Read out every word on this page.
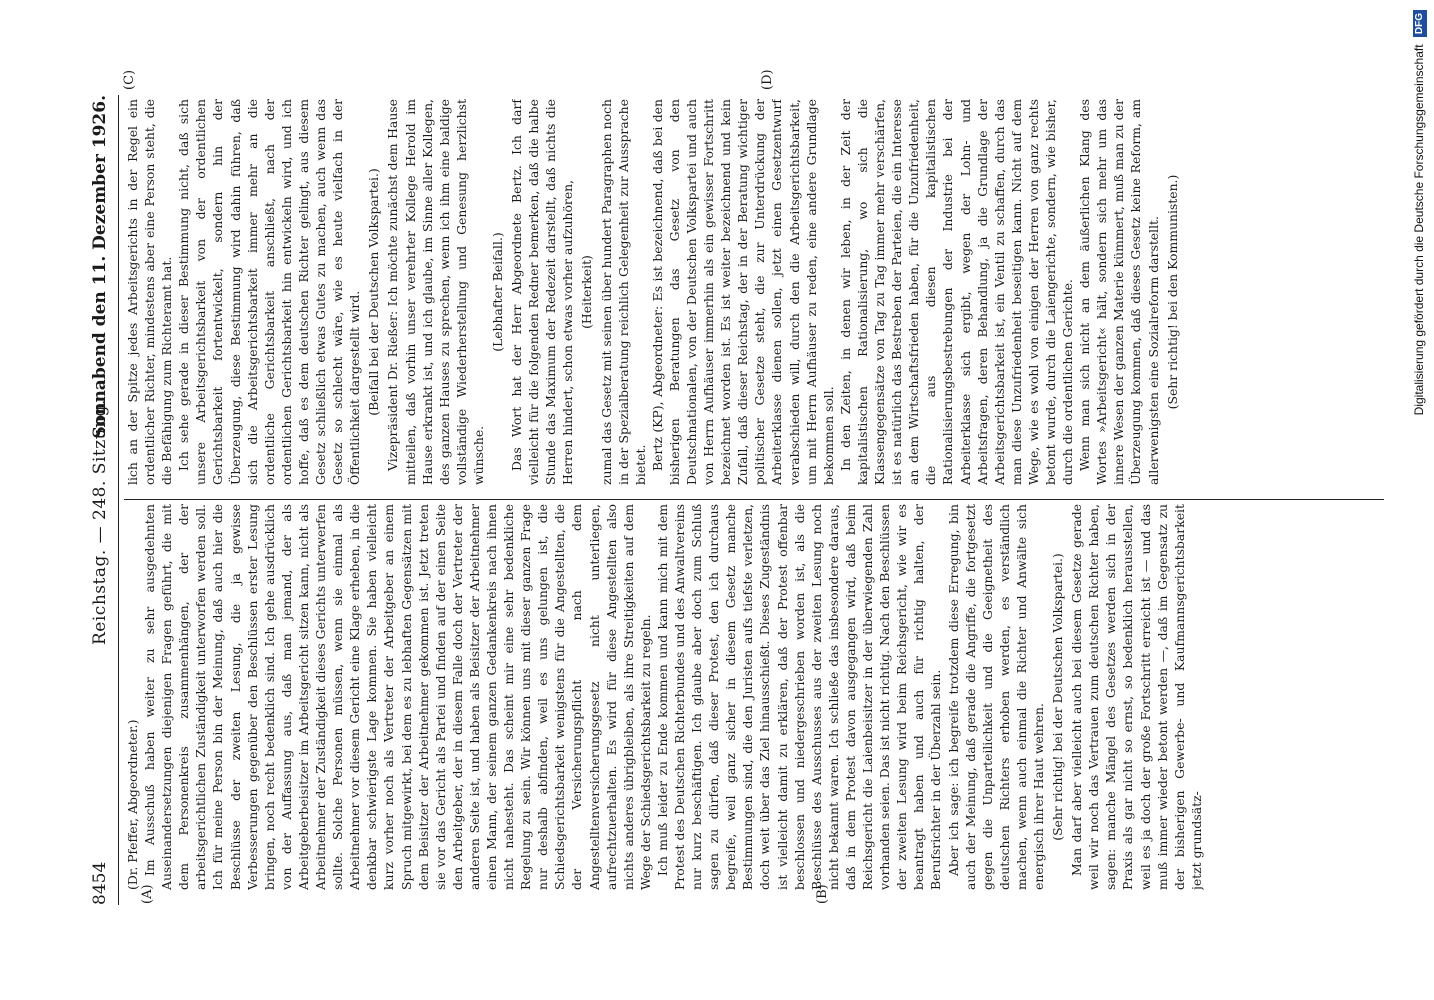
8454
Reichstag. — 248. Sitzung.
Sonnabend den 11. Dezember 1926.
(A)	(B)
(C)	(D)

(Dr. Pfeffer, Abgeordneter.) Im Ausschuß haben weiter zu sehr ausgedehnten Auseinandersetzungen diejenigen Fragen geführt, die mit dem Personenkreis zusammenhängen, der der arbeitsgerichtlichen Zuständigkeit unterworfen werden soll. Ich für meine Person bin der Meinung, daß auch hier die Beschlüsse der zweiten Lesung, die ja gewisse Verbesserungen gegenüber den Beschlüssen erster Lesung bringen, noch recht bedenklich sind. Ich gehe ausdrücklich von der Auffassung aus, daß man jemand, der als Arbeitgeberbeisitzer im Arbeitsgericht sitzen kann, nicht als Arbeitnehmer der Zuständigkeit dieses Gerichts unterwerfen sollte. Solche Personen müssen, wenn sie einmal als Arbeitnehmer vor diesem Gericht eine Klage erheben, in die denkbar schwierigste Lage kommen. Sie haben vielleicht kurz vorher noch als Vertreter der Arbeitgeber an einem Spruch mitgewirkt, bei dem es zu lebhaften Gegensätzen mit dem Beisitzer der Arbeitnehmer gekommen ist. Jetzt treten sie vor das Gericht als Partei und finden auf der einen Seite den Arbeitgeber, der in diesem Falle doch der Vertreter der anderen Seite ist, und haben als Beisitzer der Arbeitnehmer einen Mann, der seinem ganzen Gedankenkreis nach ihnen nicht nahesteht. Das scheint mir eine sehr bedenkliche Regelung zu sein. Wir können uns mit dieser ganzen Frage nur deshalb abfinden, weil es uns gelungen ist, die Schiedsgerichtsbarkeit wenigstens für die Angestellten, die der Versicherungspflicht nach dem Angestelltenversicherungsgesetz nicht unterliegen, aufrechtzuerhalten. Es wird für diese Angestellten also nichts anderes übrigbleiben, als ihre Streitigkeiten auf dem Wege der Schiedsgerichtsbarkeit zu regeln. Ich muß leider zu Ende kommen und kann mich mit dem Protest des Deutschen Richterbundes und des Anwaltvereins nur kurz beschäftigen. Ich glaube aber doch zum Schluß sagen zu dürfen, daß dieser Protest, den ich durchaus begreife, weil ganz sicher in diesem Gesetz manche Bestimmungen sind, die den Juristen aufs tiefste verletzen, doch weit über das Ziel hinausschießt. Dieses Zugeständnis ist vielleicht damit zu erklären, daß der Protest offenbar beschlossen und niedergeschrieben worden ist, als die Beschlüsse des Ausschusses aus der zweiten Lesung noch nicht bekannt waren. Ich schließe das insbesondere daraus, daß in dem Protest davon ausgegangen wird, daß beim Reichsgericht die Laienbeisitzer in der überwiegenden Zahl vorhanden seien. Das ist nicht richtig. Nach den Beschlüssen der zweiten Lesung wird beim Reichsgericht, wie wir es beantragt haben und auch für richtig halten, der Berufsrichter in der Überzahl sein. Aber ich sage: ich begreife trotzdem diese Erregung, bin auch der Meinung, daß gerade die Angriffe, die fortgesetzt gegen die Unparteilichkeit und die Geeignetheit des deutschen Richters erhoben werden, es verständlich machen, wenn auch einmal die Richter und Anwälte sich energisch ihrer Haut wehren. (Sehr richtig! bei der Deutschen Volkspartei.) Man darf aber vielleicht auch bei diesem Gesetze gerade weil wir noch das Vertrauen zum deutschen Richter haben, sagen: manche Mängel des Gesetzes werden sich in der Praxis als gar nicht so ernst, so bedenklich herausstellen, weil es ja doch der große Fortschritt erreicht ist — und das muß immer wieder betont werden —, daß im Gegensatz zu der bisherigen Gewerbe- und Kaufmannsgerichtsbarkeit jetzt grundsätz-

lich an der Spitze jedes Arbeitsgerichts in der Regel ein ordentlicher Richter, mindestens aber eine Person steht, die die Befähigung zum Richteramt hat. Ich sehe gerade in dieser Bestimmung nicht, daß sich unsere Arbeitsgerichtsbarkeit von der ordentlichen Gerichtsbarkeit fortentwickelt, sondern hin der Überzeugung, diese Bestimmung wird dahin führen, daß sich die Arbeitsgerichtsbarkeit immer mehr an die ordentliche Gerichtsbarkeit anschließt, nach der ordentlichen Gerichtsbarkeit hin entwickeln wird, und ich hoffe, daß es dem deutschen Richter gelingt, aus diesem Gesetz schließlich etwas Gutes zu machen, auch wenn das Gesetz so schlecht wäre, wie es heute vielfach in der Öffentlichkeit dargestellt wird. (Beifall bei der Deutschen Volkspartei.) Vizepräsident Dr. Rießer: Ich möchte zunächst dem Hause mitteilen, daß vorhin unser verehrter Kollege Herold im Hause erkrankt ist, und ich glaube, im Sinne aller Kollegen, des ganzen Hauses zu sprechen, wenn ich ihm eine baldige vollständige Wiederherstellung und Genesung herzlichst wünsche.

(Lebhafter Beifall.) Das Wort hat der Herr Abgeordnete Bertz. Ich darf vielleicht für die folgenden Redner bemerken, daß die halbe Stunde das Maximum der Redezeit darstellt, daß nichts die Herren hindert, schon etwas vorher aufzuhören, (Heiterkeit) zumal das Gesetz mit seinen über hundert Paragraphen noch in der Spezialberatung reichlich Gelegenheit zur Aussprache bietet. Bertz (KP), Abgeordneter: Es ist bezeichnend, daß bei den bisherigen Beratungen das Gesetz von den Deutschnationalen, von der Deutschen Volkspartei und auch von Herrn Aufhäuser immerhin als ein gewisser Fortschritt bezeichnet worden ist. Es ist weiter bezeichnend und kein Zufall, daß dieser Reichstag, der in der Beratung wichtiger politischer Gesetze steht, die zur Unterdrückung der Arbeiterklasse dienen sollen, jetzt einen Gesetzentwurf verabschieden will, durch den die Arbeitsgerichtsbarkeit, um mit Herrn Aufhäuser zu reden, eine andere Grundlage bekommen soll. In den Zeiten, in denen wir leben, in der Zeit der kapitalistischen Rationalisierung, wo sich die Klassengegensätze von Tag zu Tag immer mehr verschärfen, ist es natürlich das Bestreben der Parteien, die ein Interesse an dem Wirtschaftsfrieden haben, für die Unzufriedenheit, die aus diesen kapitalistischen Rationalisierungsbestrebungen der Industrie bei der Arbeiterklasse sich ergibt, wegen der Lohn- und Arbeitsfragen, deren Behandlung, ja die Grundlage der Arbeitsgerichtsbarkeit ist, ein Ventil zu schaffen, durch das man diese Unzufriedenheit beseitigen kann. Nicht auf dem Wege, wie es wohl von einigen der Herren von ganz rechts betont wurde, durch die Laiengerichte, sondern, wie bisher, durch die ordentlichen Gerichte. Wenn man sich nicht an dem äußerlichen Klang des Wortes »Arbeitsgericht« hält, sondern sich mehr um das innere Wesen der ganzen Materie kümmert, muß man zu der Überzeugung kommen, daß dieses Gesetz keine Reform, am allerwenigsten eine Sozialreform darstellt. (Sehr richtig! bei den Kommunisten.)	Digitalisierung gefördert durch die Deutsche Forschungsgemeinschaft DFG
